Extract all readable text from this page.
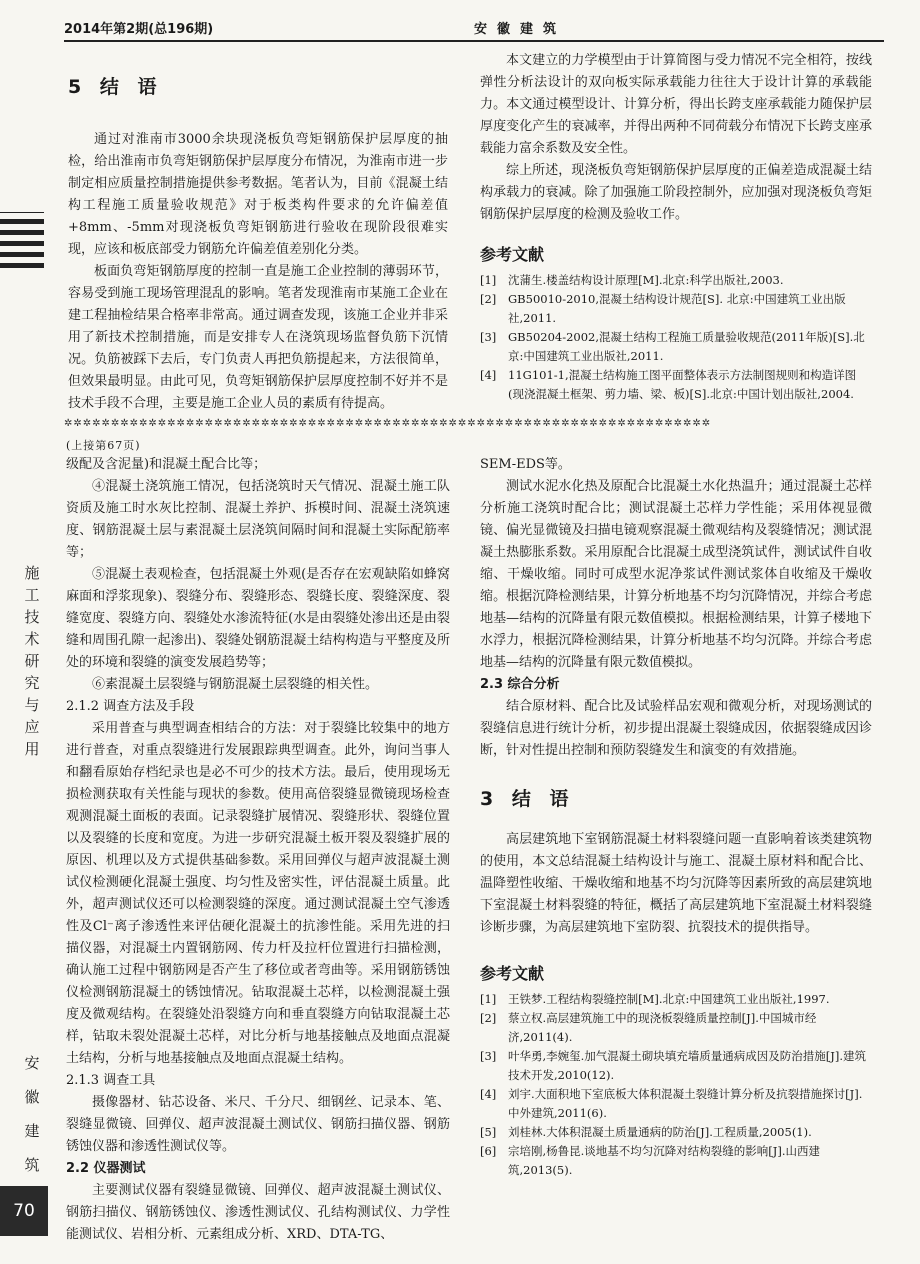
2014年第2期(总196期)	安徽建筑
施工技术研究与应用
安徽建筑
70
5 结 语

通过对淮南市3000余块现浇板负弯矩钢筋保护层厚度的抽检，给出淮南市负弯矩钢筋保护层厚度分布情况，为淮南市进一步制定相应质量控制措施提供参考数据。笔者认为，目前《混凝土结构工程施工质量验收规范》对于板类构件要求的允许偏差值+8mm、-5mm对现浇板负弯矩钢筋进行验收在现阶段很难实现，应该和板底部受力钢筋允许偏差值差别化分类。

板面负弯矩钢筋厚度的控制一直是施工企业控制的薄弱环节，容易受到施工现场管理混乱的影响。笔者发现淮南市某施工企业在建工程抽检结果合格率非常高。通过调查发现，该施工企业并非采用了新技术控制措施，而是安排专人在浇筑现场监督负筋下沉情况。负筋被踩下去后，专门负责人再把负筋提起来，方法很简单，但效果最明显。由此可见，负弯矩钢筋保护层厚度控制不好并不是技术手段不合理，主要是施工企业人员的素质有待提高。

本文建立的力学模型由于计算简图与受力情况不完全相符，按线弹性分析法设计的双向板实际承载能力往往大于设计计算的承载能力。本文通过模型设计、计算分析，得出长跨支座承载能力随保护层厚度变化产生的衰减率，并得出两种不同荷载分布情况下长跨支座承载能力富余系数及安全性。

综上所述，现浇板负弯矩钢筋保护层厚度的正偏差造成混凝土结构承载力的衰减。除了加强施工阶段控制外，应加强对现浇板负弯矩钢筋保护层厚度的检测及验收工作。

参考文献

[1] 沈蒲生.楼盖结构设计原理[M].北京:科学出版社,2003.

[2] GB50010-2010,混凝土结构设计规范[S]. 北京:中国建筑工业出版社,2011.

[3] GB50204-2002,混凝土结构工程施工质量验收规范(2011年版)[S].北京:中国建筑工业出版社,2011.

[4] 11G101-1,混凝土结构施工图平面整体表示方法制图规则和构造详图(现浇混凝土框架、剪力墙、梁、板)[S].北京:中国计划出版社,2004.

✲✲✲✲✲✲✲✲✲✲✲✲✲✲✲✲✲✲✲✲✲✲✲✲✲✲✲✲✲✲✲✲✲✲✲✲✲✲✲✲✲✲✲✲✲✲✲✲✲✲✲✲✲✲✲✲✲✲✲✲✲✲✲✲✲✲✲✲✲

(上接第67页)

级配及含泥量)和混凝土配合比等；

④混凝土浇筑施工情况，包括浇筑时天气情况、混凝土施工队资质及施工时水灰比控制、混凝土养护、拆模时间、混凝土浇筑速度、钢筋混凝土层与素混凝土层浇筑间隔时间和混凝土实际配筋率等；

⑤混凝土表观检查，包括混凝土外观(是否存在宏观缺陷如蜂窝麻面和浮浆现象)、裂缝分布、裂缝形态、裂缝长度、裂缝深度、裂缝宽度、裂缝方向、裂缝处水渗流特征(水是由裂缝处渗出还是由裂缝和周围孔隙一起渗出)、裂缝处钢筋混凝土结构构造与平整度及所处的环境和裂缝的演变发展趋势等；

⑥素混凝土层裂缝与钢筋混凝土层裂缝的相关性。

2.1.2 调查方法及手段

采用普查与典型调查相结合的方法：对于裂缝比较集中的地方进行普查，对重点裂缝进行发展跟踪典型调查。此外，询问当事人和翻看原始存档纪录也是必不可少的技术方法。最后，使用现场无损检测获取有关性能与现状的参数。使用高倍裂缝显微镜现场检查观测混凝土面板的表面。记录裂缝扩展情况、裂缝形状、裂缝位置以及裂缝的长度和宽度。为进一步研究混凝土板开裂及裂缝扩展的原因、机理以及方式提供基础参数。采用回弹仪与超声波混凝土测试仪检测硬化混凝土强度、均匀性及密实性，评估混凝土质量。此外，超声测试仪还可以检测裂缝的深度。通过测试混凝土空气渗透性及Cl⁻离子渗透性来评估硬化混凝土的抗渗性能。采用先进的扫描仪器，对混凝土内置钢筋网、传力杆及拉杆位置进行扫描检测，确认施工过程中钢筋网是否产生了移位或者弯曲等。采用钢筋锈蚀仪检测钢筋混凝土的锈蚀情况。钻取混凝土芯样，以检测混凝土强度及微观结构。在裂缝处沿裂缝方向和垂直裂缝方向钻取混凝土芯样，钻取未裂处混凝土芯样，对比分析与地基接触点及地面点混凝土结构，分析与地基接触点及地面点混凝土结构。

2.1.3 调查工具

摄像器材、钻芯设备、米尺、千分尺、细钢丝、记录本、笔、裂缝显微镜、回弹仪、超声波混凝土测试仪、钢筋扫描仪器、钢筋锈蚀仪器和渗透性测试仪等。

2.2 仪器测试

主要测试仪器有裂缝显微镜、回弹仪、超声波混凝土测试仪、钢筋扫描仪、钢筋锈蚀仪、渗透性测试仪、孔结构测试仪、力学性能测试仪、岩相分析、元素组成分析、XRD、DTA-TG、

SEM-EDS等。

测试水泥水化热及原配合比混凝土水化热温升；通过混凝土芯样分析施工浇筑时配合比；测试混凝土芯样力学性能；采用体视显微镜、偏光显微镜及扫描电镜观察混凝土微观结构及裂缝情况；测试混凝土热膨胀系数。采用原配合比混凝土成型浇筑试件，测试试件自收缩、干燥收缩。同时可成型水泥净浆试件测试浆体自收缩及干燥收缩。根据沉降检测结果，计算分析地基不均匀沉降情况，并综合考虑地基—结构的沉降量有限元数值模拟。根据检测结果，计算子楼地下水浮力，根据沉降检测结果，计算分析地基不均匀沉降。并综合考虑地基—结构的沉降量有限元数值模拟。

2.3 综合分析

结合原材料、配合比及试验样品宏观和微观分析，对现场测试的裂缝信息进行统计分析，初步提出混凝土裂缝成因，依据裂缝成因诊断，针对性提出控制和预防裂缝发生和演变的有效措施。

3 结 语

高层建筑地下室钢筋混凝土材料裂缝问题一直影响着该类建筑物的使用，本文总结混凝土结构设计与施工、混凝土原材料和配合比、温降塑性收缩、干燥收缩和地基不均匀沉降等因素所致的高层建筑地下室混凝土材料裂缝的特征，概括了高层建筑地下室混凝土材料裂缝诊断步骤，为高层建筑地下室防裂、抗裂技术的提供指导。

参考文献

[1] 王铁梦.工程结构裂缝控制[M].北京:中国建筑工业出版社,1997.

[2] 蔡立权.高层建筑施工中的现浇板裂缝质量控制[J].中国城市经济,2011(4).

[3] 叶华勇,李婉玺.加气混凝土砌块填充墙质量通病成因及防治措施[J].建筑技术开发,2010(12).

[4] 刘宇.大面积地下室底板大体积混凝土裂缝计算分析及抗裂措施探讨[J].中外建筑,2011(6).

[5] 刘桂林.大体积混凝土质量通病的防治[J].工程质量,2005(1).

[6] 宗培刚,杨鲁昆.谈地基不均匀沉降对结构裂缝的影响[J].山西建筑,2013(5).
